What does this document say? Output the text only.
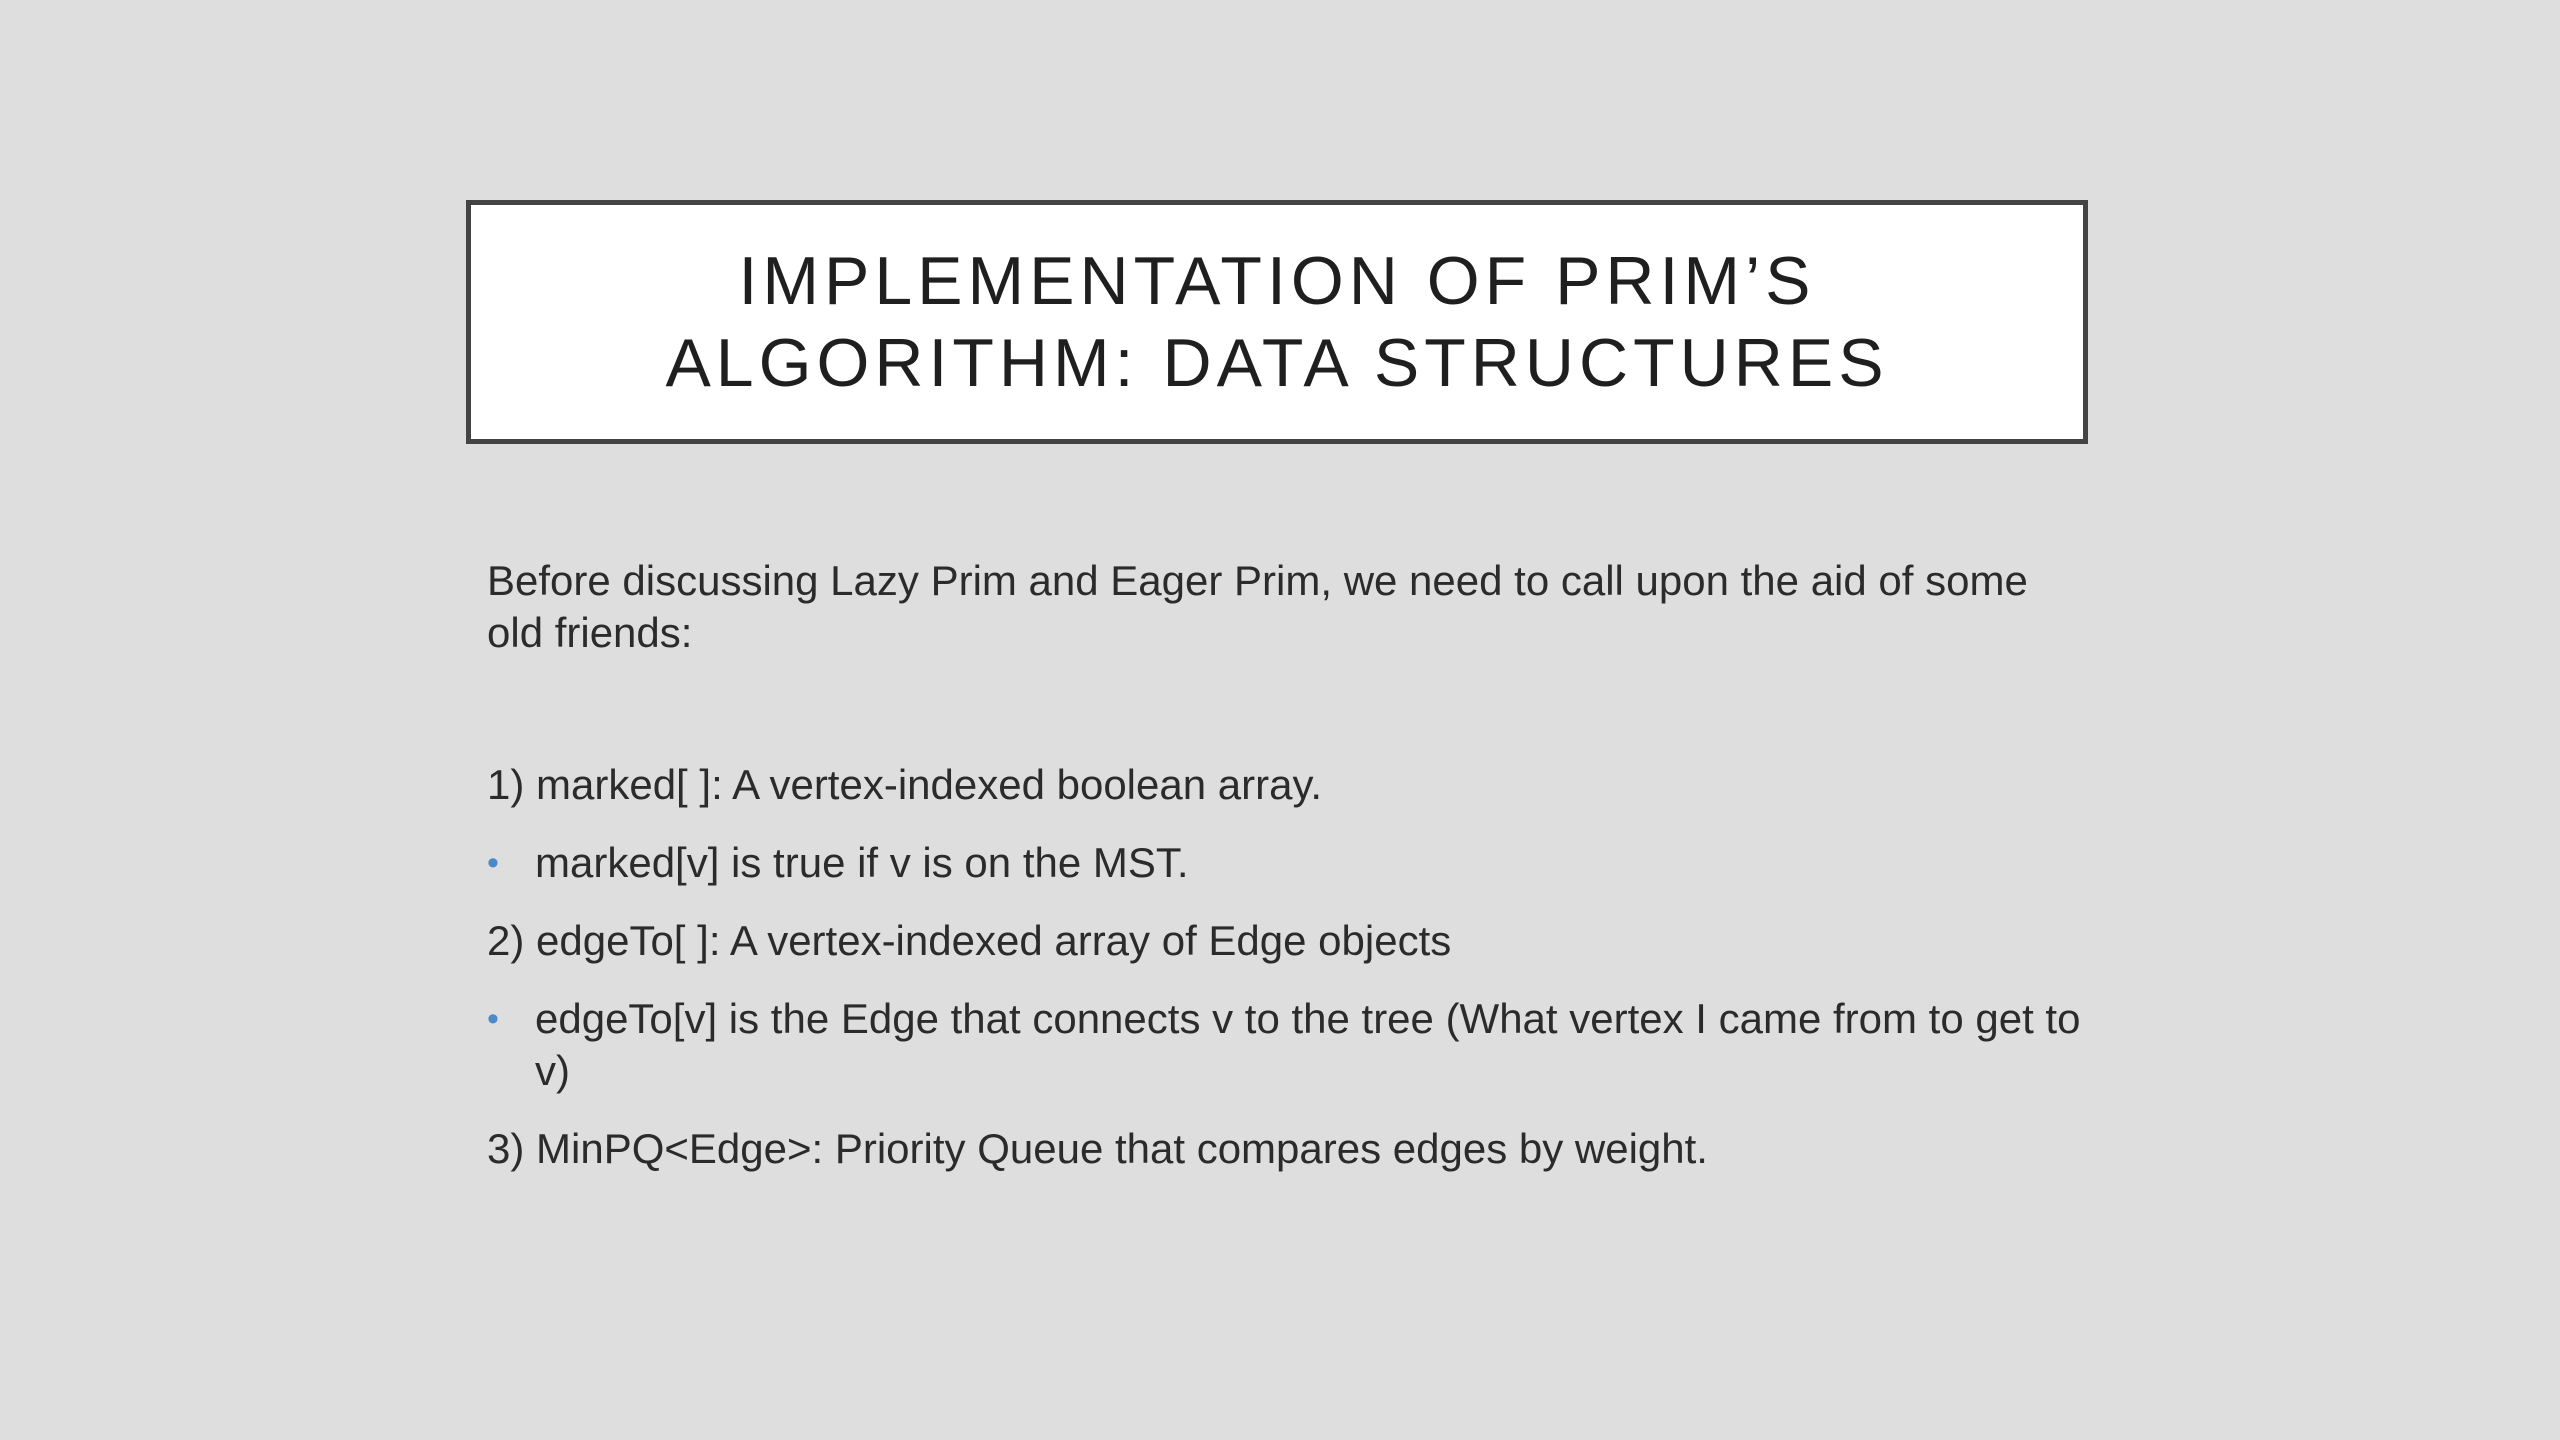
IMPLEMENTATION OF PRIM’S
ALGORITHM: DATA STRUCTURES

Before discussing Lazy Prim and Eager Prim, we need to call upon the aid of some old friends:

1) marked[ ]: A vertex-indexed boolean array.

• marked[v] is true if v is on the MST.

2) edgeTo[ ]: A vertex-indexed array of Edge objects

• edgeTo[v] is the Edge that connects v to the tree (What vertex I came from to get to v)

3) MinPQ<Edge>: Priority Queue that compares edges by weight.
